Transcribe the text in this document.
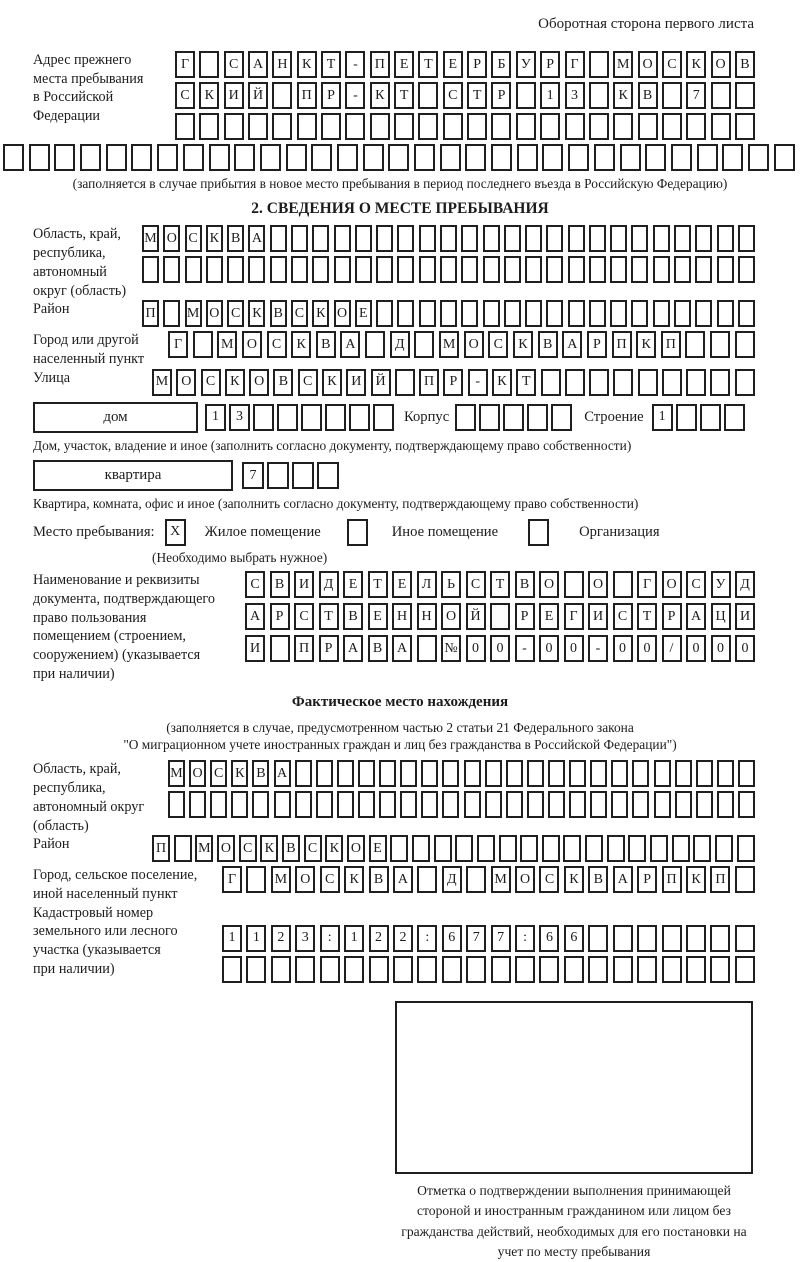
Оборотная сторона первого листа
Адрес прежнего
места пребывания
в Российской
Федерации
Г	С	А	Н	К	Т	-	П	Е	Т	Е	Р	Б	У	Р	Г	М О	С	К	О	В
С	К	И	Й	П	Р	-	К	Т	С	Т	Р	1	3	К	В	7
(заполняется в случае прибытия в новое место пребывания в период последнего въезда в Российскую Федерацию)
2. СВЕДЕНИЯ О МЕСТЕ ПРЕБЫВАНИЯ
Область, край,
республика,
автономный
округ (область)
М О С К В А
Район	П М О С К В С К О Е
Город или другой
населенный пункт
Г	М О	С	К	В	А	Д	М О	С	К	В	А	Р	П	К	П
Улица	М О	С	К	О	В	С	К	И	Й	П	Р	-	К	Т
дом	1	3	Корпус	Строение	1
Дом, участок, владение и иное (заполнить согласно документу, подтверждающему право собственности)
квартира	7
Квартира, комната, офис и иное (заполнить согласно документу, подтверждающему право собственности)
Место пребывания:	X	Жилое помещение	Иное помещение	Организация
(Необходимо выбрать нужное)
Наименование и реквизиты
документа, подтверждающего
право пользования
помещением (строением,
сооружением) (указывается
при наличии)
С	В	И	Д	Е	Т	Е	Л	Ь	С	Т	В	О	О	Г	О	С	У	Д
А	Р	С	Т	В	Е	Н	Н	О	Й	Р	Е	Г	И	С	Т	Р	А	Ц	И
И	П	Р	А	В	А	№	0	0	-	0	0	-	0	0	/	0	0	0
Фактическое место нахождения
(заполняется в случае, предусмотренном частью 2 статьи 21 Федерального закона
"О миграционном учете иностранных граждан и лиц без гражданства в Российской Федерации")
Область, край,
республика,
автономный округ
(область)
М О С К В А
Район	П М О С К В С К О Е
Город, сельское поселение,
иной населенный пункт
Г	М О	С	К	В	А	Д	М О	С	К	В	А	Р	П	К	П
Кадастровый номер
земельного или лесного
участка (указывается
при наличии)
1	1	2	3	:	1	2	2	:	6	7	7	:	6	6
Отметка о подтверждении выполнения принимающей стороной и иностранным гражданином или лицом без гражданства действий, необходимых для его постановки на учет по месту пребывания
